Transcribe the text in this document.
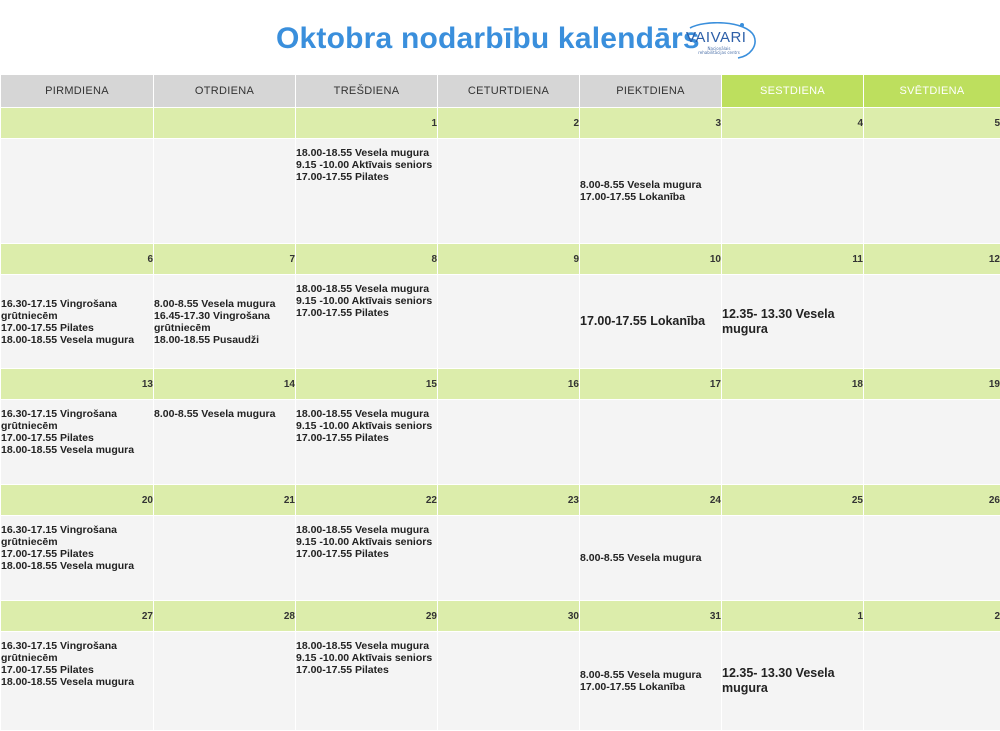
Oktobra nodarbību kalendārs
VAIVARI
Nacionālais rehabilitācijas centrs
PIRMDIENA	OTRDIENA	TREŠDIENA	CETURTDIENA	PIEKTDIENA	SESTDIENA	SVĒTDIENA
		1	2	3	4	5

		18.00-18.55 Vesela mugura
9.15 -10.00 Aktīvais seniors
17.00-17.55 Pilates		8.00-8.55 Vesela mugura
17.00-17.55 Lokanība		

6	7	8	9	10	11	12

16.30-17.15 Vingrošana grūtniecēm
17.00-17.55 Pilates
18.00-18.55 Vesela mugura	8.00-8.55 Vesela mugura
16.45-17.30 Vingrošana grūtniecēm
18.00-18.55 Pusaudži	18.00-18.55 Vesela mugura
9.15 -10.00 Aktīvais seniors
17.00-17.55 Pilates		17.00-17.55 Lokanība	12.35- 13.30 Vesela mugura	

13	14	15	16	17	18	19

16.30-17.15 Vingrošana grūtniecēm
17.00-17.55 Pilates
18.00-18.55 Vesela mugura	8.00-8.55 Vesela mugura	18.00-18.55 Vesela mugura
9.15 -10.00 Aktīvais seniors
17.00-17.55 Pilates				

20	21	22	23	24	25	26

16.30-17.15 Vingrošana grūtniecēm
17.00-17.55 Pilates
18.00-18.55 Vesela mugura		18.00-18.55 Vesela mugura
9.15 -10.00 Aktīvais seniors
17.00-17.55 Pilates		8.00-8.55 Vesela mugura		

27	28	29	30	31	1	2

16.30-17.15 Vingrošana grūtniecēm
17.00-17.55 Pilates
18.00-18.55 Vesela mugura		18.00-18.55 Vesela mugura
9.15 -10.00 Aktīvais seniors
17.00-17.55 Pilates		8.00-8.55 Vesela mugura
17.00-17.55 Lokanība	12.35- 13.30 Vesela mugura	
